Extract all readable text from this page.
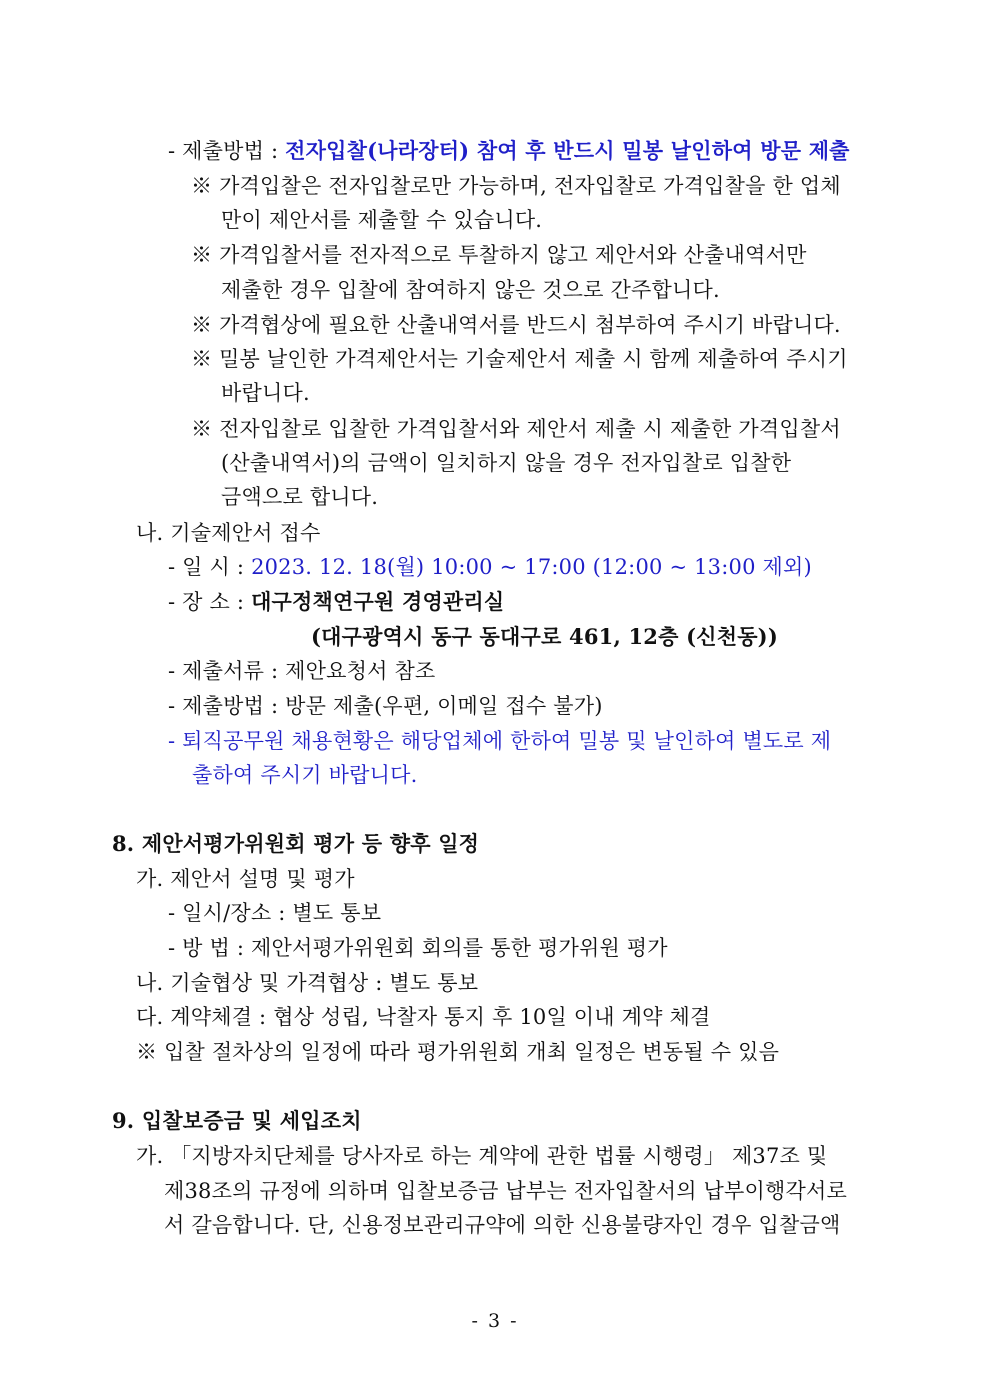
- 제출방법 : 전자입찰(나라장터) 참여 후 반드시 밀봉 날인하여 방문 제출
※ 가격입찰은 전자입찰로만 가능하며, 전자입찰로 가격입찰을 한 업체
만이 제안서를 제출할 수 있습니다.
※ 가격입찰서를 전자적으로 투찰하지 않고 제안서와 산출내역서만
제출한 경우 입찰에 참여하지 않은 것으로 간주합니다.
※ 가격협상에 필요한 산출내역서를 반드시 첨부하여 주시기 바랍니다.
※ 밀봉 날인한 가격제안서는 기술제안서 제출 시 함께 제출하여 주시기
바랍니다.
※ 전자입찰로 입찰한 가격입찰서와 제안서 제출 시 제출한 가격입찰서
(산출내역서)의 금액이 일치하지 않을 경우 전자입찰로 입찰한
금액으로 합니다.
나. 기술제안서 접수
- 일 시 : 2023. 12. 18(월) 10:00 ~ 17:00 (12:00 ~ 13:00 제외)
- 장 소 : 대구정책연구원 경영관리실
(대구광역시 동구 동대구로 461, 12층 (신천동))
- 제출서류 : 제안요청서 참조
- 제출방법 : 방문 제출(우편, 이메일 접수 불가)
- 퇴직공무원 채용현황은 해당업체에 한하여 밀봉 및 날인하여 별도로 제
출하여 주시기 바랍니다.
8. 제안서평가위원회 평가 등 향후 일정
가. 제안서 설명 및 평가
- 일시/장소 : 별도 통보
- 방 법 : 제안서평가위원회 회의를 통한 평가위원 평가
나. 기술협상 및 가격협상 : 별도 통보
다. 계약체결 : 협상 성립, 낙찰자 통지 후 10일 이내 계약 체결
※ 입찰 절차상의 일정에 따라 평가위원회 개최 일정은 변동될 수 있음
9. 입찰보증금 및 세입조치
가. 「지방자치단체를 당사자로 하는 계약에 관한 법률 시행령」 제37조 및
제38조의 규정에 의하며 입찰보증금 납부는 전자입찰서의 납부이행각서로
서 갈음합니다. 단, 신용정보관리규약에 의한 신용불량자인 경우 입찰금액
- 3 -
